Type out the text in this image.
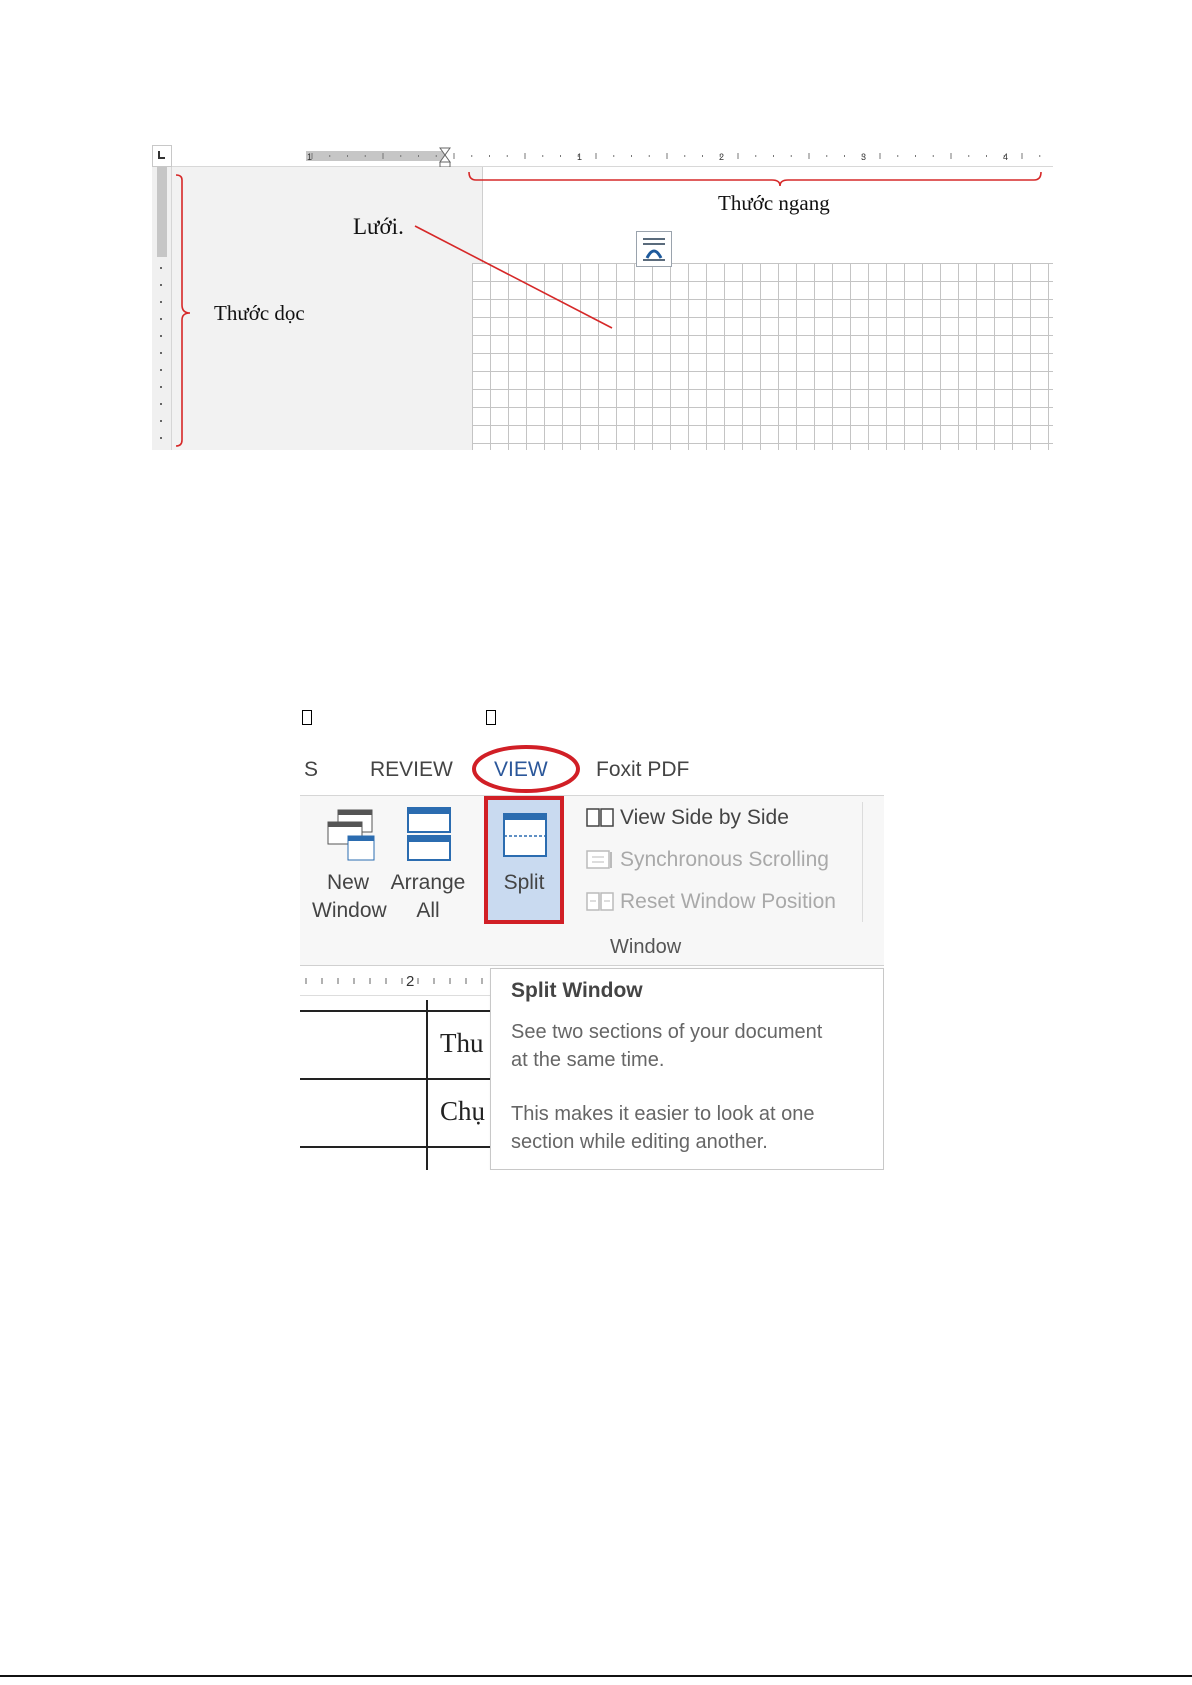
1	1	2	3	4
Thước dọc
Thước ngang
Lưới.
S REVIEW VIEW Foxit PDF
New
Window
Arrange
All
Split
View Side by Side
Synchronous Scrolling
Reset Window Position
Window
2
Thu
Chụ
Split Window
See two sections of your document
at the same time.
This makes it easier to look at one
section while editing another.
